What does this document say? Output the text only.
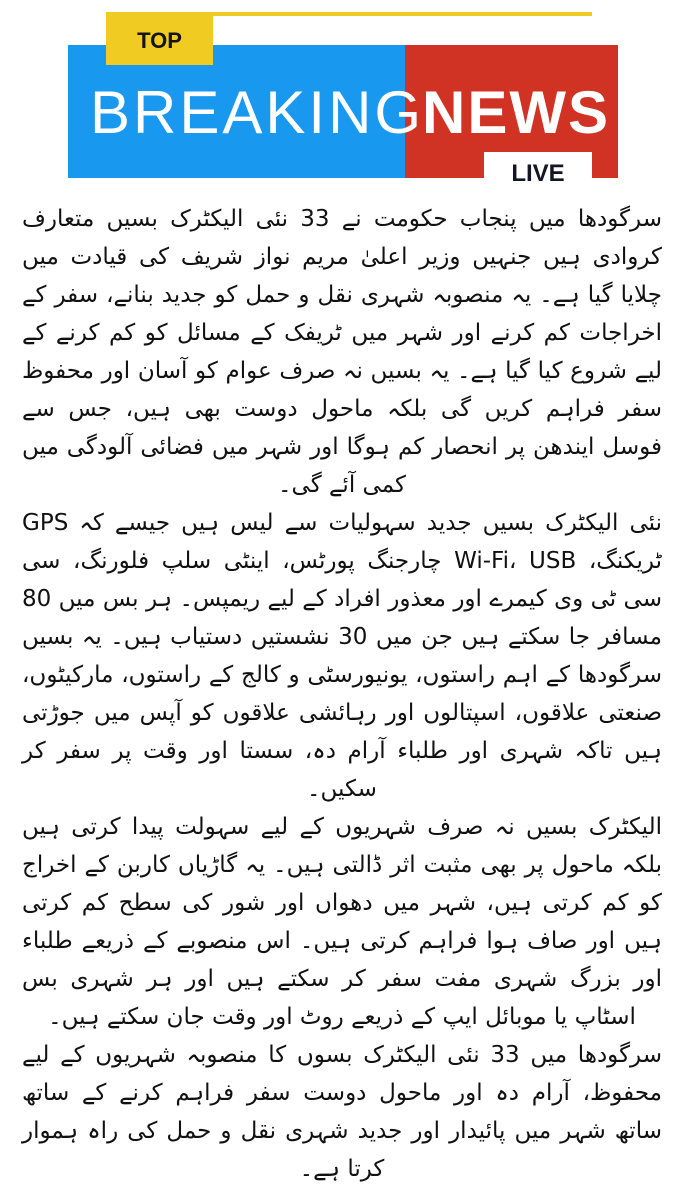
TOP
BREAKING
NEWS
LIVE

سرگودھا میں پنجاب حکومت نے 33 نئی الیکٹرک بسیں متعارف کروادی ہیں جنہیں وزیر اعلیٰ مریم نواز شریف کی قیادت میں چلایا گیا ہے۔ یہ منصوبہ شہری نقل و حمل کو جدید بنانے، سفر کے اخراجات کم کرنے اور شہر میں ٹریفک کے مسائل کو کم کرنے کے لیے شروع کیا گیا ہے۔ یہ بسیں نہ صرف عوام کو آسان اور محفوظ سفر فراہم کریں گی بلکہ ماحول دوست بھی ہیں، جس سے فوسل ایندھن پر انحصار کم ہوگا اور شہر میں فضائی آلودگی میں کمی آئے گی۔

نئی الیکٹرک بسیں جدید سہولیات سے لیس ہیں جیسے کہ GPS ٹریکنگ، Wi-Fi، USB چارجنگ پورٹس، اینٹی سلپ فلورنگ، سی سی ٹی وی کیمرے اور معذور افراد کے لیے ریمپس۔ ہر بس میں 80 مسافر جا سکتے ہیں جن میں 30 نشستیں دستیاب ہیں۔ یہ بسیں سرگودھا کے اہم راستوں، یونیورسٹی و کالج کے راستوں، مارکیٹوں، صنعتی علاقوں، اسپتالوں اور رہائشی علاقوں کو آپس میں جوڑتی ہیں تاکہ شہری اور طلباء آرام دہ، سستا اور وقت پر سفر کر سکیں۔

الیکٹرک بسیں نہ صرف شہریوں کے لیے سہولت پیدا کرتی ہیں بلکہ ماحول پر بھی مثبت اثر ڈالتی ہیں۔ یہ گاڑیاں کاربن کے اخراج کو کم کرتی ہیں، شہر میں دھواں اور شور کی سطح کم کرتی ہیں اور صاف ہوا فراہم کرتی ہیں۔ اس منصوبے کے ذریعے طلباء اور بزرگ شہری مفت سفر کر سکتے ہیں اور ہر شہری بس اسٹاپ یا موبائل ایپ کے ذریعے روٹ اور وقت جان سکتے ہیں۔

سرگودھا میں 33 نئی الیکٹرک بسوں کا منصوبہ شہریوں کے لیے محفوظ، آرام دہ اور ماحول دوست سفر فراہم کرنے کے ساتھ ساتھ شہر میں پائیدار اور جدید شہری نقل و حمل کی راہ ہموار کرتا ہے۔
